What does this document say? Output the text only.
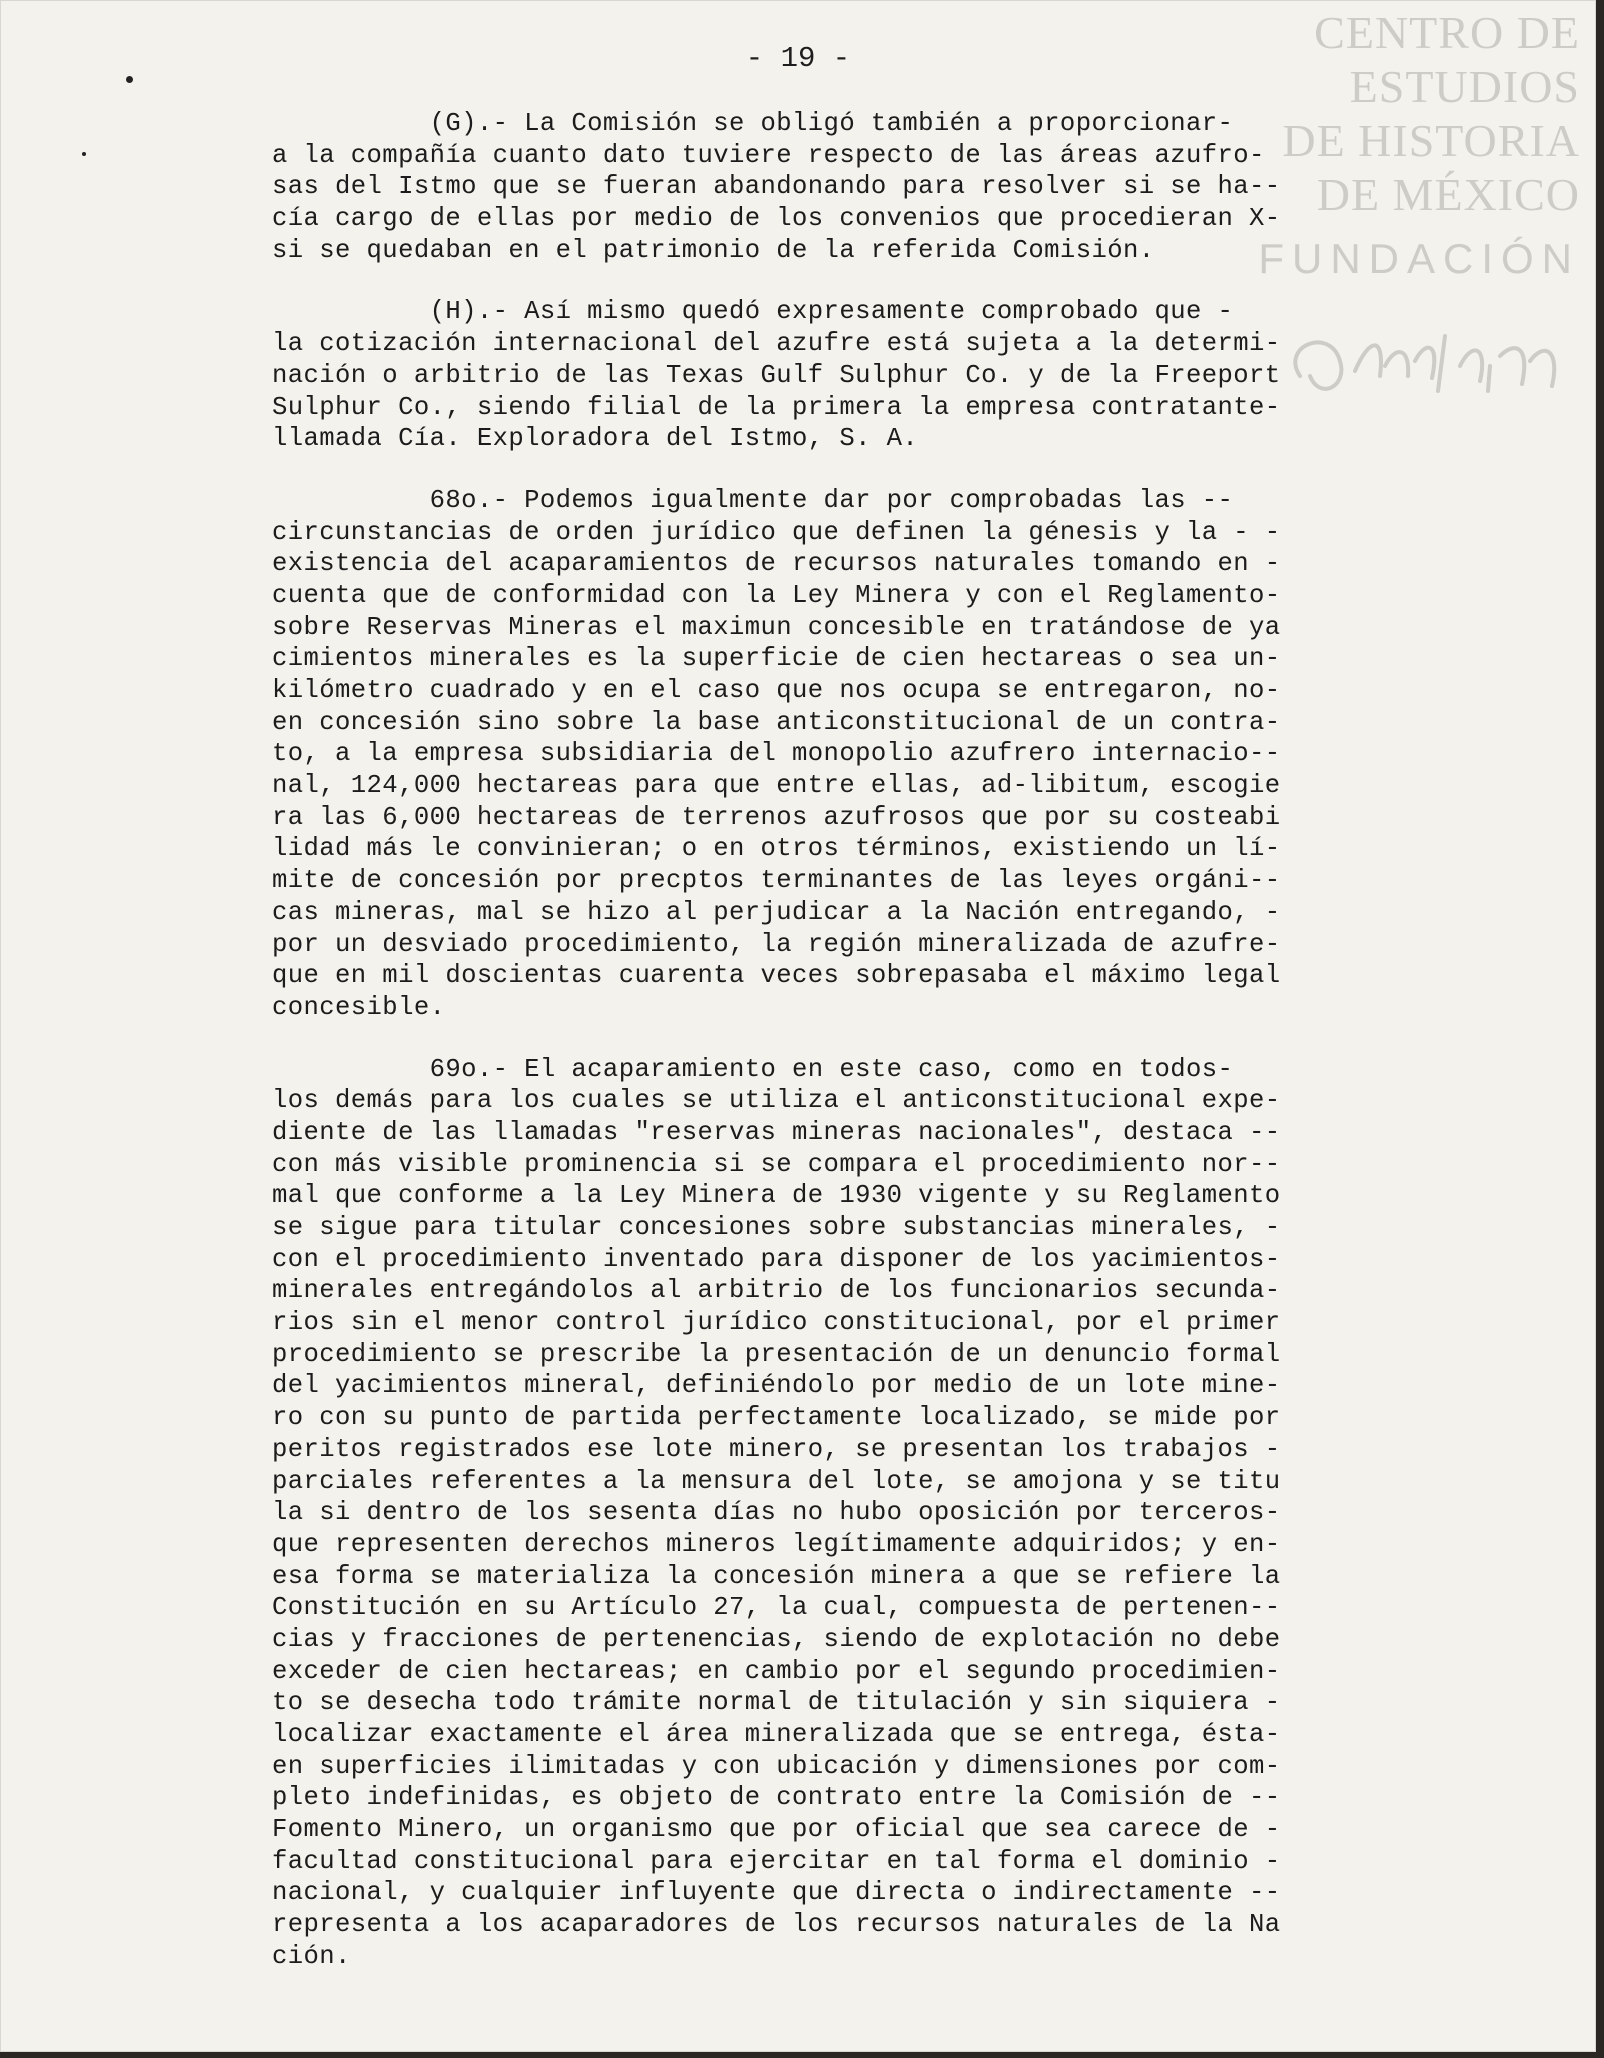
CENTRO DE
ESTUDIOS
DE HISTORIA
DE MÉXICO
FUNDACIÓN
- 19 -
(G).- La Comisión se obligó también a proporcionar-
a la compañía cuanto dato tuviere respecto de las áreas azufro-
sas del Istmo que se fueran abandonando para resolver si se ha--
cía cargo de ellas por medio de los convenios que procedieran X-
si se quedaban en el patrimonio de la referida Comisión.
(H).- Así mismo quedó expresamente comprobado que -
la cotización internacional del azufre está sujeta a la determi-
nación o arbitrio de las Texas Gulf Sulphur Co. y de la Freeport
Sulphur Co., siendo filial de la primera la empresa contratante-
llamada Cía. Exploradora del Istmo, S. A.
68o.- Podemos igualmente dar por comprobadas las --
circunstancias de orden jurídico que definen la génesis y la - -
existencia del acaparamientos de recursos naturales tomando en -
cuenta que de conformidad con la Ley Minera y con el Reglamento-
sobre Reservas Mineras el maximun concesible en tratándose de ya
cimientos minerales es la superficie de cien hectareas o sea un-
kilómetro cuadrado y en el caso que nos ocupa se entregaron, no-
en concesión sino sobre la base anticonstitucional de un contra-
to, a la empresa subsidiaria del monopolio azufrero internacio--
nal, 124,000 hectareas para que entre ellas, ad-libitum, escogie
ra las 6,000 hectareas de terrenos azufrosos que por su costeabi
lidad más le convinieran; o en otros términos, existiendo un lí-
mite de concesión por precptos terminantes de las leyes orgáni--
cas mineras, mal se hizo al perjudicar a la Nación entregando, -
por un desviado procedimiento, la región mineralizada de azufre-
que en mil doscientas cuarenta veces sobrepasaba el máximo legal
concesible.
69o.- El acaparamiento en este caso, como en todos-
los demás para los cuales se utiliza el anticonstitucional expe-
diente de las llamadas "reservas mineras nacionales", destaca --
con más visible prominencia si se compara el procedimiento nor--
mal que conforme a la Ley Minera de 1930 vigente y su Reglamento
se sigue para titular concesiones sobre substancias minerales, -
con el procedimiento inventado para disponer de los yacimientos-
minerales entregándolos al arbitrio de los funcionarios secunda-
rios sin el menor control jurídico constitucional, por el primer
procedimiento se prescribe la presentación de un denuncio formal
del yacimientos mineral, definiéndolo por medio de un lote mine-
ro con su punto de partida perfectamente localizado, se mide por
peritos registrados ese lote minero, se presentan los trabajos -
parciales referentes a la mensura del lote, se amojona y se titu
la si dentro de los sesenta días no hubo oposición por terceros-
que representen derechos mineros legítimamente adquiridos; y en-
esa forma se materializa la concesión minera a que se refiere la
Constitución en su Artículo 27, la cual, compuesta de pertenen--
cias y fracciones de pertenencias, siendo de explotación no debe
exceder de cien hectareas; en cambio por el segundo procedimien-
to se desecha todo trámite normal de titulación y sin siquiera -
localizar exactamente el área mineralizada que se entrega, ésta-
en superficies ilimitadas y con ubicación y dimensiones por com-
pleto indefinidas, es objeto de contrato entre la Comisión de --
Fomento Minero, un organismo que por oficial que sea carece de -
facultad constitucional para ejercitar en tal forma el dominio -
nacional, y cualquier influyente que directa o indirectamente --
representa a los acaparadores de los recursos naturales de la Na
ción.
